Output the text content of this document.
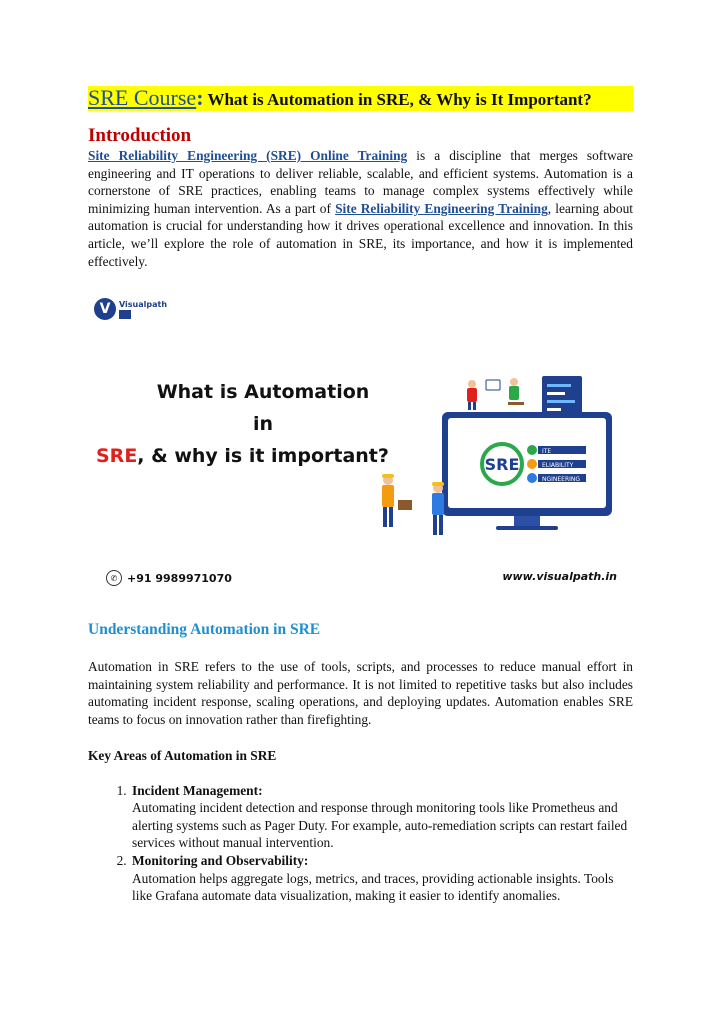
SRE Course: What is Automation in SRE, & Why is It Important?
Introduction

Site Reliability Engineering (SRE) Online Training is a discipline that merges software engineering and IT operations to deliver reliable, scalable, and efficient systems. Automation is a cornerstone of SRE practices, enabling teams to manage complex systems effectively while minimizing human intervention. As a part of Site Reliability Engineering Training, learning about automation is crucial for understanding how it drives operational excellence and innovation. In this article, we’ll explore the role of automation in SRE, its importance, and how it is implemented effectively.

V	Visualpath

What is Automation
in

SRE, & why is it important?	SRE
ITE
ELIABILITY
NGINEERING
✆ +91 9989971070	www.visualpath.in
Understanding Automation in SRE

Automation in SRE refers to the use of tools, scripts, and processes to reduce manual effort in maintaining system reliability and performance. It is not limited to repetitive tasks but also includes automating incident response, scaling operations, and deploying updates. Automation enables SRE teams to focus on innovation rather than firefighting.

Key Areas of Automation in SRE
1. Incident Management:
Automating incident detection and response through monitoring tools like Prometheus and alerting systems such as Pager Duty. For example, auto-remediation scripts can restart failed services without manual intervention.
2. Monitoring and Observability:
Automation helps aggregate logs, metrics, and traces, providing actionable insights. Tools like Grafana automate data visualization, making it easier to identify anomalies.
